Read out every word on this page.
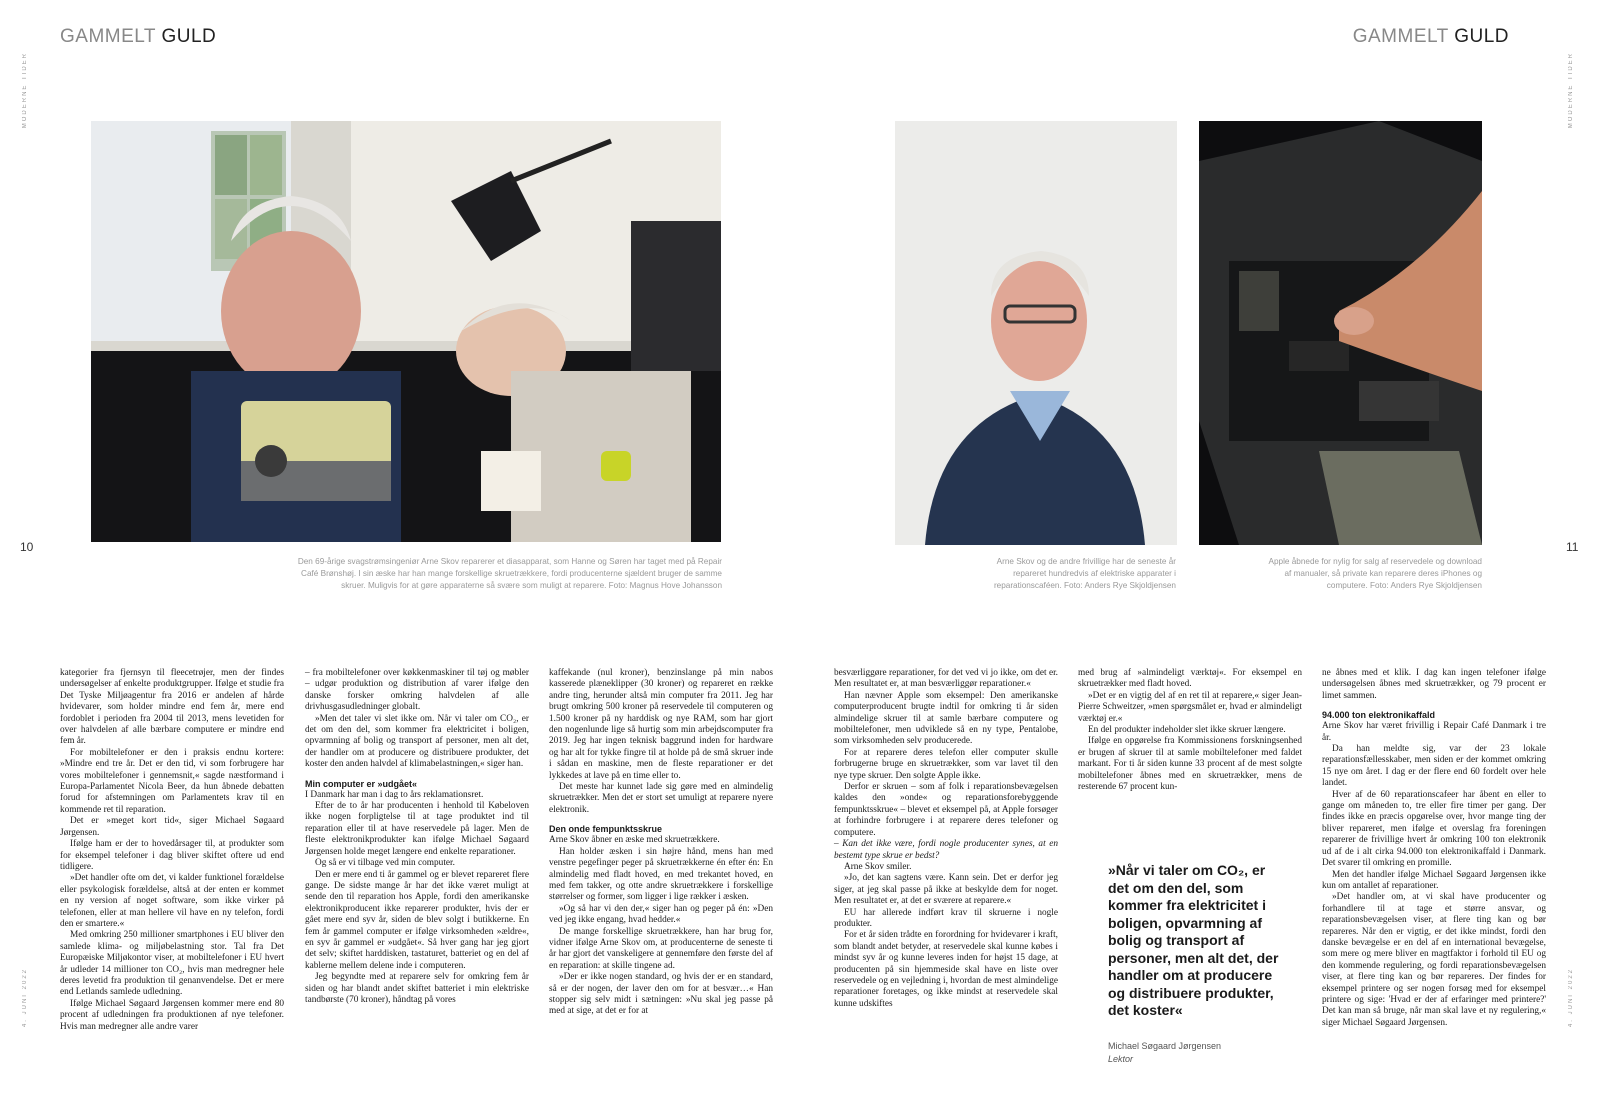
GAMMELT GULD	GAMMELT GULD
MODERNE TIDER
4. JUNI 2022
MODERNE TIDER
4. JUNI 2022
10	11
Den 69-årige svagstrømsingeniør Arne Skov reparerer et diasapparat, som Hanne og Søren har taget med på Repair Café Brønshøj. I sin æske har han mange forskellige skruetrækkere, fordi producenterne sjældent bruger de samme skruer. Muligvis for at gøre apparaterne så svære som muligt at reparere. Foto: Magnus Hove Johansson
Arne Skov og de andre frivillige har de seneste år repareret hundredvis af elektriske apparater i reparationscaféen. Foto: Anders Rye Skjoldjensen
Apple åbnede for nylig for salg af reservedele og download af manualer, så private kan reparere deres iPhones og computere. Foto: Anders Rye Skjoldjensen

kategorier fra fjernsyn til fleecetrøjer, men der findes undersøgelser af enkelte produktgrupper. Ifølge et studie fra Det Tyske Miljøagentur fra 2016 er andelen af hårde hvidevarer, som holder mindre end fem år, mere end fordoblet i perioden fra 2004 til 2013, mens levetiden for over halvdelen af alle bærbare computere er mindre end fem år.

For mobiltelefoner er den i praksis endnu kortere: »Mindre end tre år. Det er den tid, vi som forbrugere har vores mobiltelefoner i gennemsnit,« sagde næstformand i Europa-Parlamentet Nicola Beer, da hun åbnede debatten forud for afstemningen om Parlamentets krav til en kommende ret til reparation.

Det er »meget kort tid«, siger Michael Søgaard Jørgensen.

Ifølge ham er der to hovedårsager til, at produkter som for eksempel telefoner i dag bliver skiftet oftere ud end tidligere.

»Det handler ofte om det, vi kalder funktionel forældelse eller psykologisk forældelse, altså at der enten er kommet en ny version af noget software, som ikke virker på telefonen, eller at man hellere vil have en ny telefon, fordi den er smartere.«

Med omkring 250 millioner smartphones i EU bliver den samlede klima- og miljøbelastning stor. Tal fra Det Europæiske Miljøkontor viser, at mobiltelefoner i EU hvert år udleder 14 millioner ton CO₂, hvis man medregner hele deres levetid fra produktion til genanvendelse. Det er mere end Letlands samlede udledning.

Ifølge Michael Søgaard Jørgensen kommer mere end 80 procent af udledningen fra produktionen af nye telefoner. Hvis man medregner alle andre varer

– fra mobiltelefoner over køkkenmaskiner til tøj og møbler – udgør produktion og distribution af varer ifølge den danske forsker omkring halvdelen af alle drivhusgasudledninger globalt.

»Men det taler vi slet ikke om. Når vi taler om CO₂, er det om den del, som kommer fra elektricitet i boligen, opvarmning af bolig og transport af personer, men alt det, der handler om at producere og distribuere produkter, det koster den anden halvdel af klimabelastningen,« siger han.

Min computer er »udgået«

I Danmark har man i dag to års reklamationsret.

Efter de to år har producenten i henhold til Købeloven ikke nogen forpligtelse til at tage produktet ind til reparation eller til at have reservedele på lager. Men de fleste elektronikprodukter kan ifølge Michael Søgaard Jørgensen holde meget længere end enkelte reparationer.

Og så er vi tilbage ved min computer.

Den er mere end ti år gammel og er blevet repareret flere gange. De sidste mange år har det ikke været muligt at sende den til reparation hos Apple, fordi den amerikanske elektronikproducent ikke reparerer produkter, hvis der er gået mere end syv år, siden de blev solgt i butikkerne. En fem år gammel computer er ifølge virksomheden »ældre«, en syv år gammel er »udgået«. Så hver gang har jeg gjort det selv; skiftet harddisken, tastaturet, batteriet og en del af kablerne mellem delene inde i computeren.

Jeg begyndte med at reparere selv for omkring fem år siden og har blandt andet skiftet batteriet i min elektriske tandbørste (70 kroner), håndtag på vores

kaffekande (nul kroner), benzinslange på min nabos kasserede plæneklipper (30 kroner) og repareret en række andre ting, herunder altså min computer fra 2011. Jeg har brugt omkring 500 kroner på reservedele til computeren og 1.500 kroner på ny harddisk og nye RAM, som har gjort den nogenlunde lige så hurtig som min arbejdscomputer fra 2019. Jeg har ingen teknisk baggrund inden for hardware og har alt for tykke fingre til at holde på de små skruer inde i sådan en maskine, men de fleste reparationer er det lykkedes at lave på en time eller to.

Det meste har kunnet lade sig gøre med en almindelig skruetrækker. Men det er stort set umuligt at reparere nyere elektronik.

Den onde fempunktsskrue

Arne Skov åbner en æske med skruetrækkere.

Han holder æsken i sin højre hånd, mens han med venstre pegefinger peger på skruetrækkerne én efter én: En almindelig med fladt hoved, en med trekantet hoved, en med fem takker, og otte andre skruetrækkere i forskellige størrelser og former, som ligger i lige rækker i æsken.

»Og så har vi den der,« siger han og peger på én: »Den ved jeg ikke engang, hvad hedder.«

De mange forskellige skruetrækkere, han har brug for, vidner ifølge Arne Skov om, at producenterne de seneste ti år har gjort det vanskeligere at gennemføre den første del af en reparation: at skille tingene ad.

»Der er ikke nogen standard, og hvis der er en standard, så er der nogen, der laver den om for at besvær…« Han stopper sig selv midt i sætningen: »Nu skal jeg passe på med at sige, at det er for at

besværliggøre reparationer, for det ved vi jo ikke, om det er. Men resultatet er, at man besværliggør reparationer.«

Han nævner Apple som eksempel: Den amerikanske computerproducent brugte indtil for omkring ti år siden almindelige skruer til at samle bærbare computere og mobiltelefoner, men udviklede så en ny type, Pentalobe, som virksomheden selv producerede.

For at reparere deres telefon eller computer skulle forbrugerne bruge en skruetrækker, som var lavet til den nye type skruer. Den solgte Apple ikke.

Derfor er skruen – som af folk i reparationsbevægelsen kaldes den »onde« og reparationsforebyggende fempunktsskrue« – blevet et eksempel på, at Apple forsøger at forhindre forbrugere i at reparere deres telefoner og computere.

– Kan det ikke være, fordi nogle producenter synes, at en bestemt type skrue er bedst?

Arne Skov smiler.

»Jo, det kan sagtens være. Kann sein. Det er derfor jeg siger, at jeg skal passe på ikke at beskylde dem for noget. Men resultatet er, at det er sværere at reparere.«

EU har allerede indført krav til skruerne i nogle produkter.

For et år siden trådte en forordning for hvidevarer i kraft, som blandt andet betyder, at reservedele skal kunne købes i mindst syv år og kunne leveres inden for højst 15 dage, at producenten på sin hjemmeside skal have en liste over reservedele og en vejledning i, hvordan de mest almindelige reparationer foretages, og ikke mindst at reservedele skal kunne udskiftes

med brug af »almindeligt værktøj«. For eksempel en skruetrækker med fladt hoved.

»Det er en vigtig del af en ret til at reparere,« siger Jean-Pierre Schweitzer, »men spørgsmålet er, hvad er almindeligt værktøj er.«

En del produkter indeholder slet ikke skruer længere.

Ifølge en opgørelse fra Kommissionens forskningsenhed er brugen af skruer til at samle mobiltelefoner med faldet markant. For ti år siden kunne 33 procent af de mest solgte mobiltelefoner åbnes med en skruetrækker, mens de resterende 67 procent kun-

»Når vi taler om CO₂, er det om den del, som kommer fra elektricitet i boligen, opvarmning af bolig og transport af personer, men alt det, der handler om at producere og distribuere produkter, det koster«
Michael Søgaard Jørgensen
Lektor

ne åbnes med et klik. I dag kan ingen telefoner ifølge undersøgelsen åbnes med skruetrækker, og 79 procent er limet sammen.

94.000 ton elektronikaffald

Arne Skov har været frivillig i Repair Café Danmark i tre år.

Da han meldte sig, var der 23 lokale reparationsfællesskaber, men siden er der kommet omkring 15 nye om året. I dag er der flere end 60 fordelt over hele landet.

Hver af de 60 reparationscafeer har åbent en eller to gange om måneden to, tre eller fire timer per gang. Der findes ikke en præcis opgørelse over, hvor mange ting der bliver repareret, men ifølge et overslag fra foreningen reparerer de frivillige hvert år omkring 100 ton elektronik ud af de i alt cirka 94.000 ton elektronikaffald i Danmark. Det svarer til omkring en promille.

Men det handler ifølge Michael Søgaard Jørgensen ikke kun om antallet af reparationer.

»Det handler om, at vi skal have producenter og forhandlere til at tage et større ansvar, og reparationsbevægelsen viser, at flere ting kan og bør repareres. Når den er vigtig, er det ikke mindst, fordi den danske bevægelse er en del af en international bevægelse, som mere og mere bliver en magtfaktor i forhold til EU og den kommende regulering, og fordi reparationsbevægelsen viser, at flere ting kan og bør repareres. Der findes for eksempel printere og ser nogen forsøg med for eksempel printere og sige: 'Hvad er der af erfaringer med printere?' Det kan man så bruge, når man skal lave et ny regulering,« siger Michael Søgaard Jørgensen.
